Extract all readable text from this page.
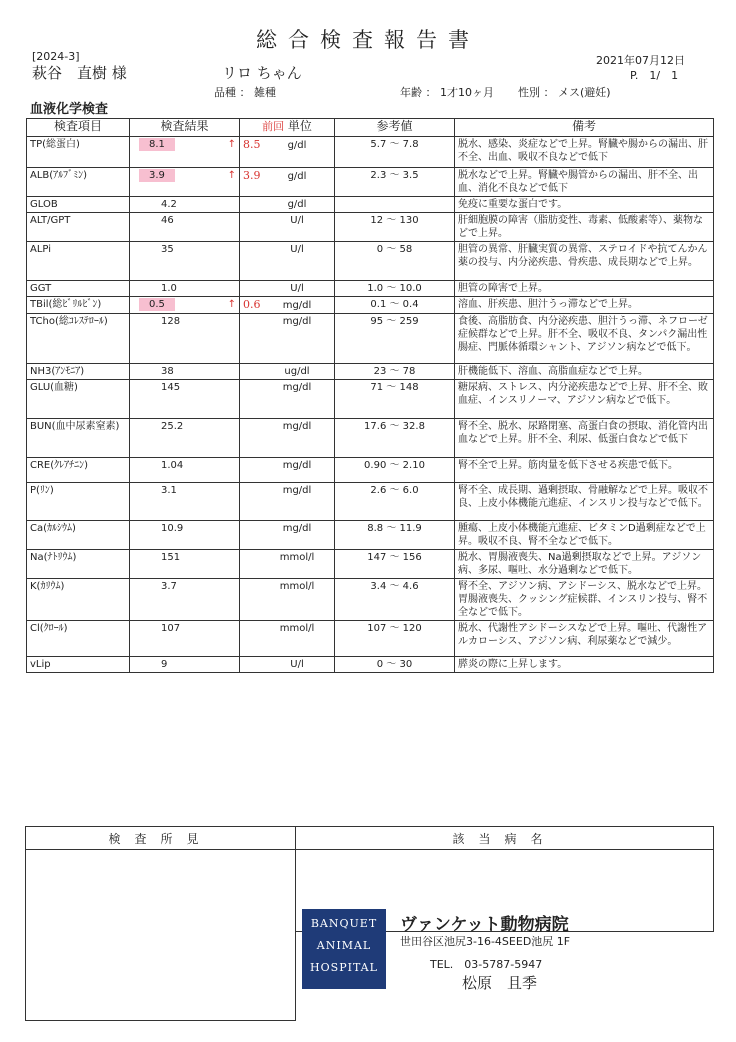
総合検査報告書
[2024-3]
萩谷　直樹 様	リロ ちゃん
2021年07月12日
P.　1/　1
品種 ： 雑種	年齢 ： 1才10ヶ月 性別 ： メス(避妊)
血液化学検査
検査項目	検査結果	前回 単位	参考値	備考
TP(総蛋白)	8.1 ↑	8.5 g/dl	5.7 ～ 7.8	脱水、感染、炎症などで上昇。腎臓や腸からの漏出、肝不全、出血、吸収不良などで低下
ALB(ｱﾙﾌﾞﾐﾝ)	3.9 ↑	3.9 g/dl	2.3 ～ 3.5	脱水などで上昇。腎臓や腸管からの漏出、肝不全、出血、消化不良などで低下
GLOB	4.2	g/dl		免疫に重要な蛋白です。
ALT/GPT	46	U/l	12 ～ 130	肝細胞膜の障害（脂肪変性、毒素、低酸素等）、薬物などで上昇。
ALPi	35	U/l	0 ～ 58	胆管の異常、肝臓実質の異常、ステロイドや抗てんかん薬の投与、内分泌疾患、骨疾患、成長期などで上昇。
GGT	1.0	U/l	1.0 ～ 10.0	胆管の障害で上昇。
TBil(総ﾋﾞﾘﾙﾋﾞﾝ)	0.5 ↑	0.6 mg/dl	0.1 ～ 0.4	溶血、肝疾患、胆汁うっ滞などで上昇。
TCho(総ｺﾚｽﾃﾛｰﾙ)	128	mg/dl	95 ～ 259	食後、高脂肪食、内分泌疾患、胆汁うっ滞、ネフローゼ症候群などで上昇。肝不全、吸収不良、タンパク漏出性腸症、門脈体循環シャント、アジソン病などで低下。
NH3(ｱﾝﾓﾆｱ)	38	ug/dl	23 ～ 78	肝機能低下、溶血、高脂血症などで上昇。
GLU(血糖)	145	mg/dl	71 ～ 148	糖尿病、ストレス、内分泌疾患などで上昇、肝不全、敗血症、インスリノーマ、アジソン病などで低下。
BUN(血中尿素窒素)	25.2	mg/dl	17.6 ～ 32.8	腎不全、脱水、尿路閉塞、高蛋白食の摂取、消化管内出血などで上昇。肝不全、利尿、低蛋白食などで低下
CRE(ｸﾚｱﾁﾆﾝ)	1.04	mg/dl	0.90 ～ 2.10	腎不全で上昇。筋肉量を低下させる疾患で低下。
P(ﾘﾝ)	3.1	mg/dl	2.6 ～ 6.0	腎不全、成長期、過剰摂取、骨融解などで上昇。吸収不良、上皮小体機能亢進症、インスリン投与などで低下。
Ca(ｶﾙｼｳﾑ)	10.9	mg/dl	8.8 ～ 11.9	腫瘍、上皮小体機能亢進症、ビタミンD過剰症などで上昇。吸収不良、腎不全などで低下。
Na(ﾅﾄﾘｳﾑ)	151	mmol/l	147 ～ 156	脱水、胃腸液喪失、Na過剰摂取などで上昇。アジソン病、多尿、嘔吐、水分過剰などで低下。
K(ｶﾘｳﾑ)	3.7	mmol/l	3.4 ～ 4.6	腎不全、アジソン病、アシドーシス、脱水などで上昇。胃腸液喪失、クッシング症候群、インスリン投与、腎不全などで低下。
Cl(ｸﾛｰﾙ)	107	mmol/l	107 ～ 120	脱水、代謝性アシドーシスなどで上昇。嘔吐、代謝性アルカローシス、アジソン病、利尿薬などで減少。
vLip	9	U/l	0 ～ 30	膵炎の際に上昇します。
検査所見	該当病名

BANQUET
ANIMAL
HOSPITAL
ヴァンケット動物病院
世田谷区池尻3-16-4SEED池尻 1F
TEL.　03-5787-5947
松原　且季
